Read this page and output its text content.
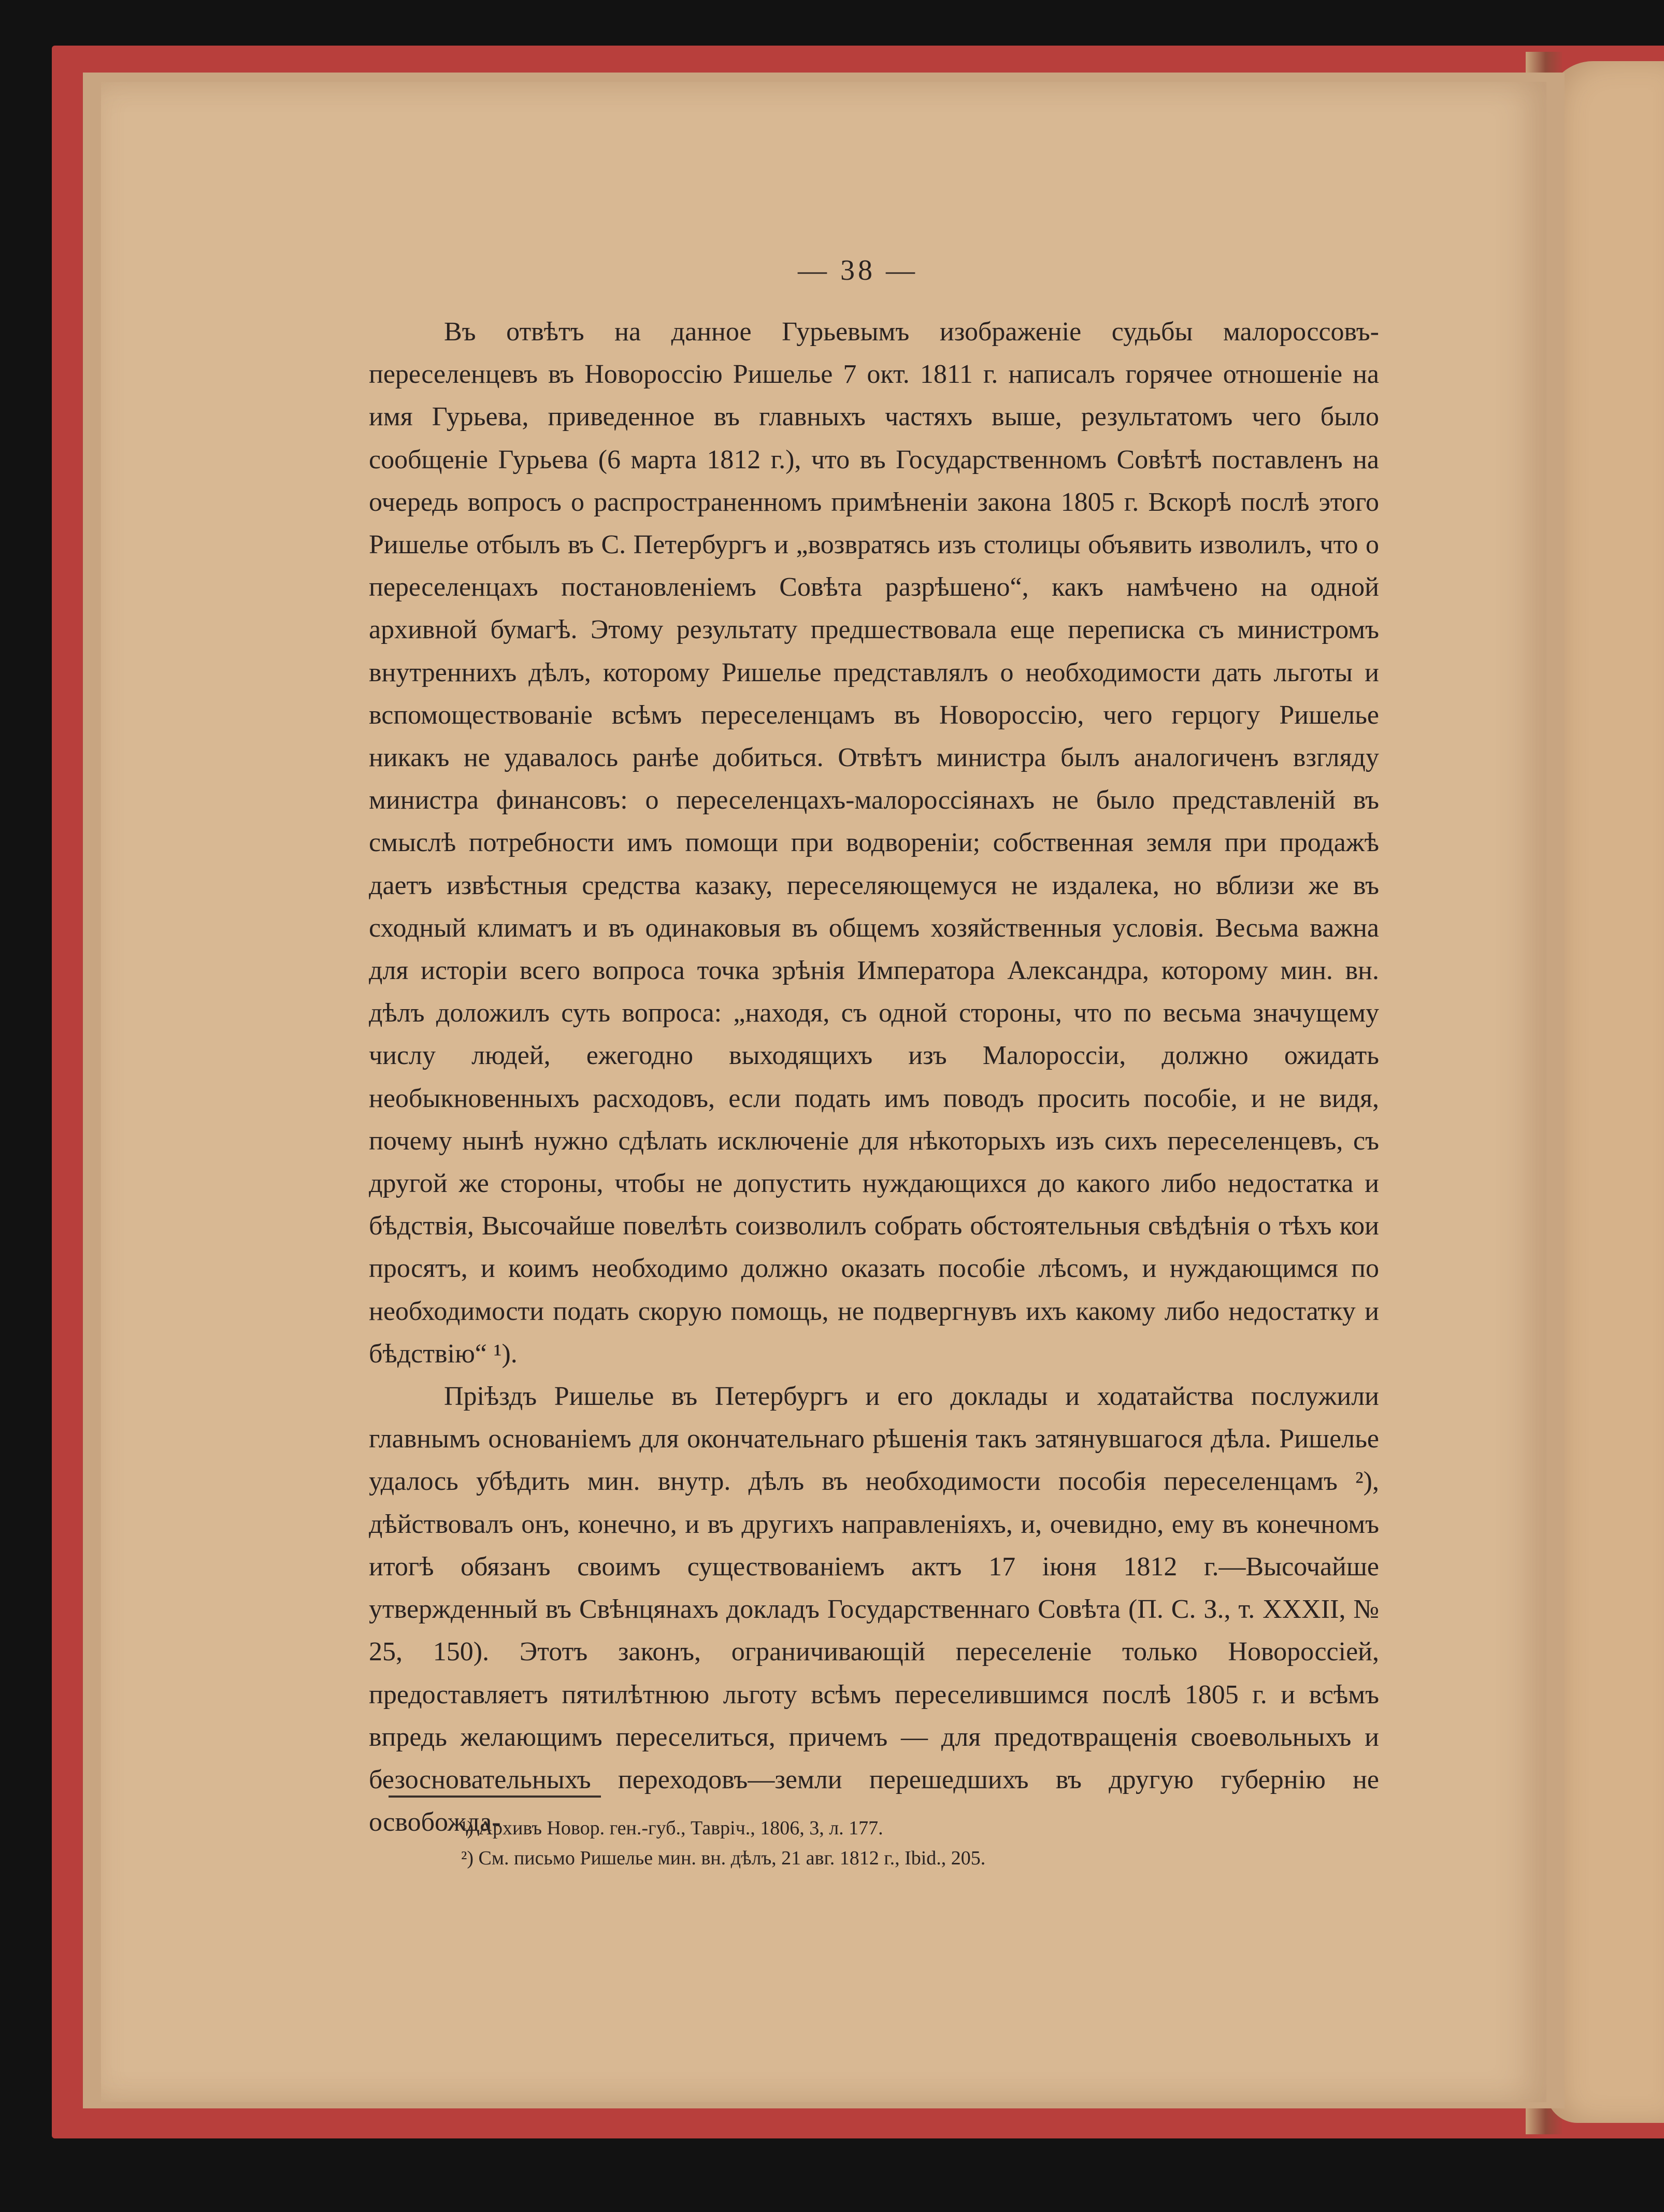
— 38 —

Въ отвѣтъ на данное Гурьевымъ изображеніе судьбы малороссовъ-переселенцевъ въ Новороссію Ришелье 7 окт. 1811 г. написалъ горячее отношеніе на имя Гурьева, приведенное въ главныхъ частяхъ выше, результатомъ чего было сообщеніе Гурьева (6 марта 1812 г.), что въ Государственномъ Совѣтѣ поставленъ на очередь вопросъ о распространенномъ примѣненіи закона 1805 г. Вскорѣ послѣ этого Ришелье отбылъ въ С. Петербургъ и „возвратясь изъ столицы объявить изволилъ, что о переселенцахъ постановленіемъ Совѣта разрѣшено“, какъ намѣчено на одной архивной бумагѣ. Этому результату предшествовала еще переписка съ министромъ внутреннихъ дѣлъ, которому Ришелье представлялъ о необходимости дать льготы и вспомоществованіе всѣмъ переселенцамъ въ Новороссію, чего герцогу Ришелье никакъ не удавалось ранѣе добиться. Отвѣтъ министра былъ аналогиченъ взгляду министра финансовъ: о переселенцахъ-малороссіянахъ не было представленій въ смыслѣ потребности имъ помощи при водвореніи; собственная земля при продажѣ даетъ извѣстныя средства казаку, переселяющемуся не издалека, но вблизи же въ сходный климатъ и въ одинаковыя въ общемъ хозяйственныя условія. Весьма важна для исторіи всего вопроса точка зрѣнія Императора Александра, которому мин. вн. дѣлъ доложилъ суть вопроса: „находя, съ одной стороны, что по весьма значущему числу людей, ежегодно выходящихъ изъ Малороссіи, должно ожидать необыкновенныхъ расходовъ, если подать имъ поводъ просить пособіе, и не видя, почему нынѣ нужно сдѣлать исключеніе для нѣкоторыхъ изъ сихъ переселенцевъ, съ другой же стороны, чтобы не допустить нуждающихся до какого либо недостатка и бѣдствія, Высочайше повелѣть соизволилъ собрать обстоятельныя свѣдѣнія о тѣхъ кои просятъ, и коимъ необходимо должно оказать пособіе лѣсомъ, и нуждающимся по необходимости подать скорую помощь, не подвергнувъ ихъ какому либо недостатку и бѣдствію“ ¹).

Пріѣздъ Ришелье въ Петербургъ и его доклады и ходатайства послужили главнымъ основаніемъ для окончательнаго рѣшенія такъ затянувшагося дѣла. Ришелье удалось убѣдить мин. внутр. дѣлъ въ необходимости пособія переселенцамъ ²), дѣйствовалъ онъ, конечно, и въ другихъ направленіяхъ, и, очевидно, ему въ конечномъ итогѣ обязанъ своимъ существованіемъ актъ 17 іюня 1812 г.—Высочайше утвержденный въ Свѣнцянахъ докладъ Государственнаго Совѣта (П. С. З., т. XXXII, № 25, 150). Этотъ законъ, ограничивающій переселеніе только Новороссіей, предоставляетъ пятилѣтнюю льготу всѣмъ переселившимся послѣ 1805 г. и всѣмъ впредь желающимъ переселиться, причемъ — для предотвращенія своевольныхъ и безосновательныхъ переходовъ—земли перешедшихъ въ другую губернію не освобожда-

¹) Архивъ Новор. ген.-губ., Тавріч., 1806, 3, л. 177.
²) См. письмо Ришелье мин. вн. дѣлъ, 21 авг. 1812 г., Ibid., 205.
